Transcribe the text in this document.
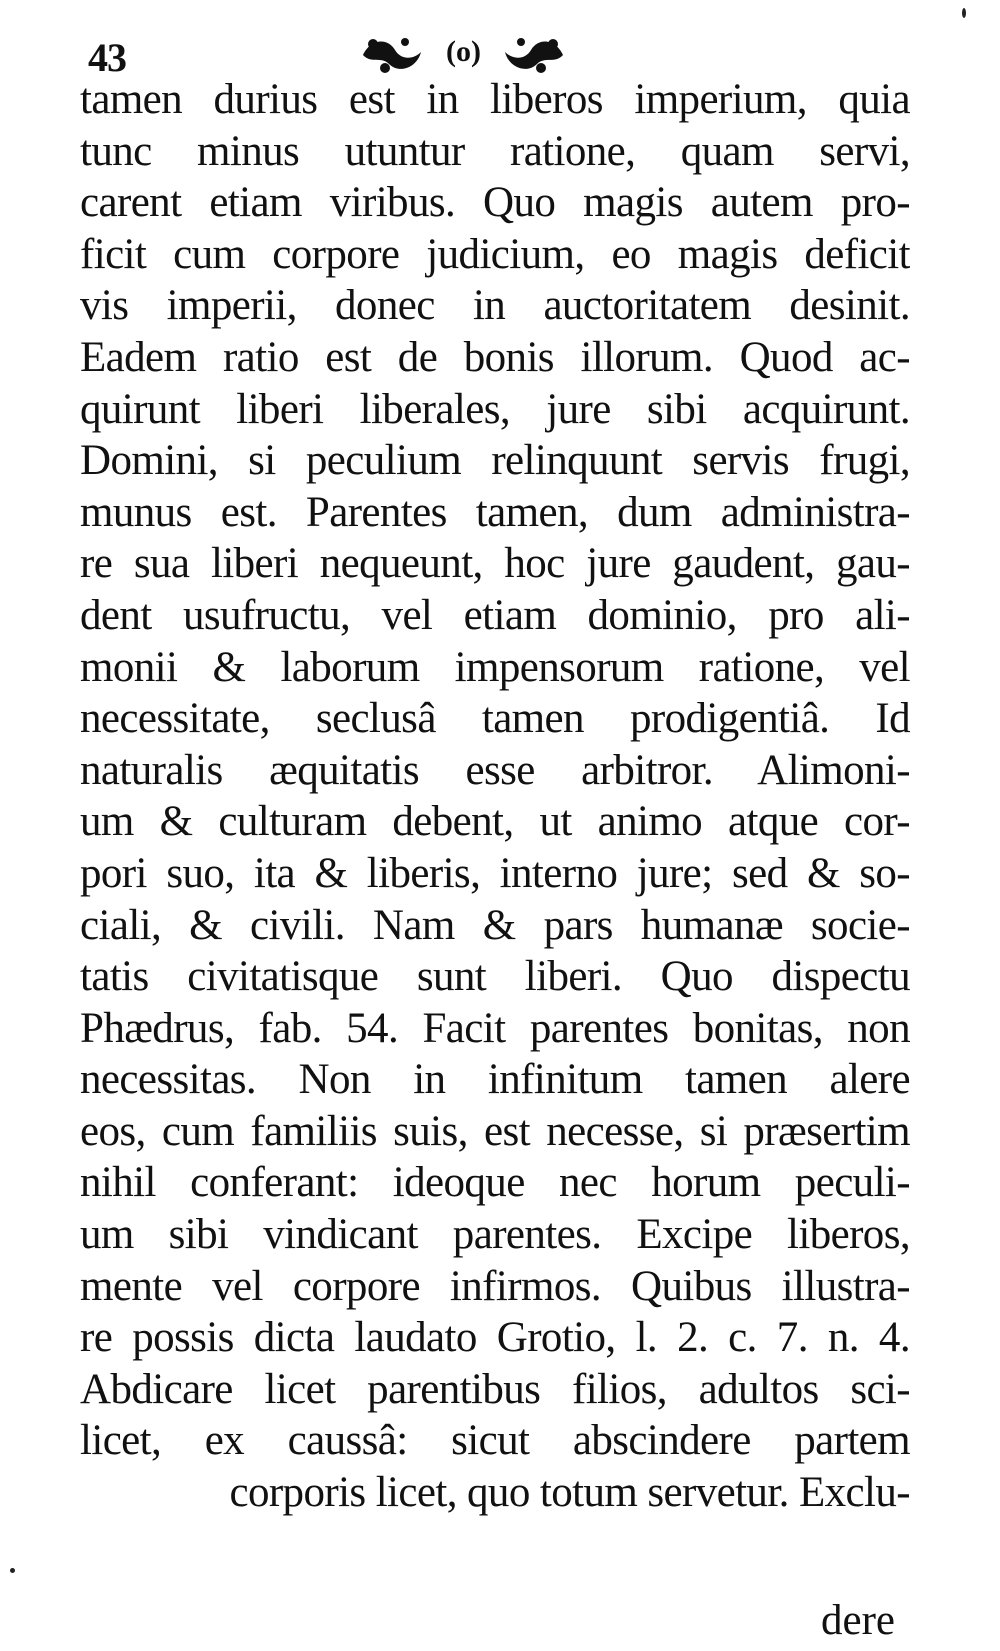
43	(o)
tamen durius est in liberos imperium, quia
tunc minus utuntur ratione, quam servi,
carent etiam viribus. Quo magis autem pro-
ficit cum corpore judicium, eo magis deficit
vis imperii, donec in auctoritatem desinit.
Eadem ratio est de bonis illorum. Quod ac-
quirunt liberi liberales, jure sibi acquirunt.
Domini, si peculium relinquunt servis frugi,
munus est. Parentes tamen, dum administra-
re sua liberi nequeunt, hoc jure gaudent, gau-
dent usufructu, vel etiam dominio, pro ali-
monii & laborum impensorum ratione, vel
necessitate, seclusâ tamen prodigentiâ. Id
naturalis æquitatis esse arbitror. Alimoni-
um & culturam debent, ut animo atque cor-
pori suo, ita & liberis, interno jure; sed & so-
ciali, & civili. Nam & pars humanæ socie-
tatis civitatisque sunt liberi. Quo dispectu
Phædrus, fab. 54. Facit parentes bonitas, non
necessitas. Non in infinitum tamen alere
eos, cum familiis suis, est necesse, si præsertim
nihil conferant: ideoque nec horum peculi-
um sibi vindicant parentes. Excipe liberos,
mente vel corpore infirmos. Quibus illustra-
re possis dicta laudato Grotio, l. 2. c. 7. n. 4.
Abdicare licet parentibus filios, adultos sci-
licet, ex caussâ: sicut abscindere partem
corporis licet, quo totum servetur. Exclu-
dere
